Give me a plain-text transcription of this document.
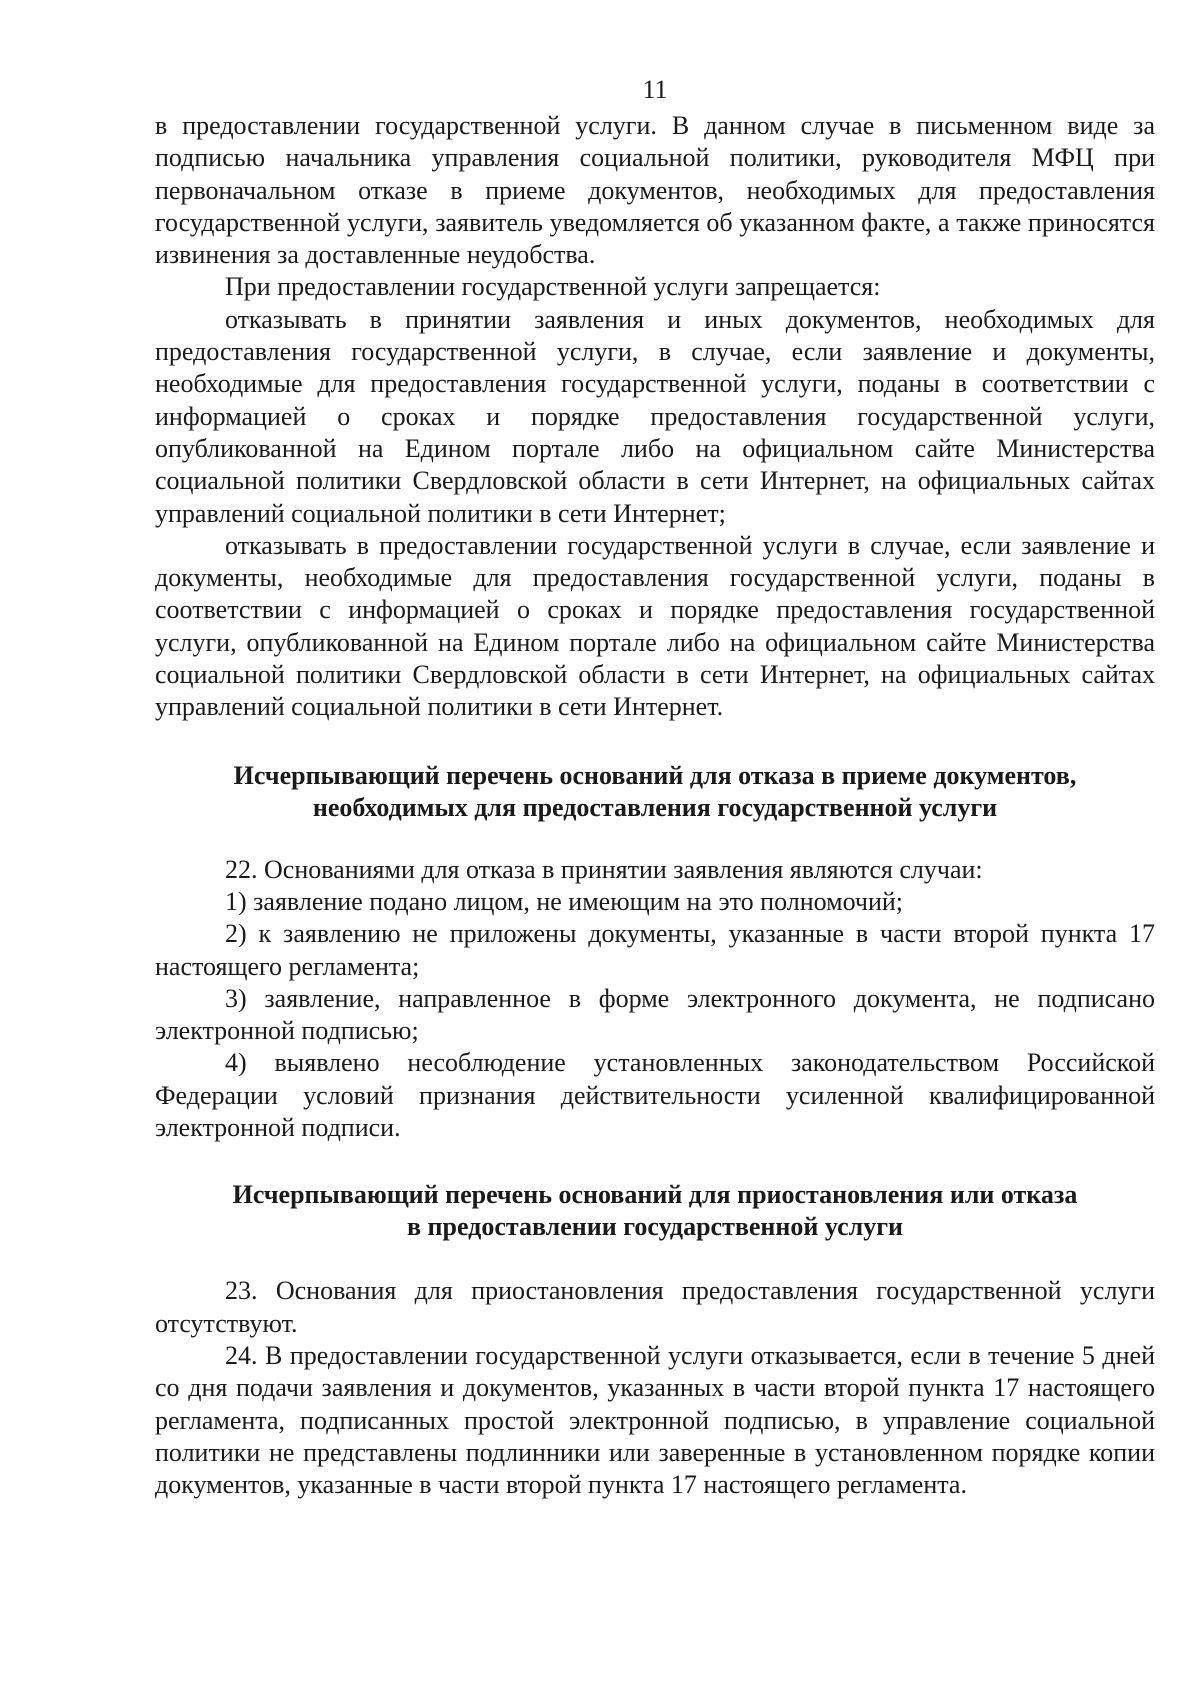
11

в предоставлении государственной услуги. В данном случае в письменном виде за подписью начальника управления социальной политики, руководителя МФЦ при первоначальном отказе в приеме документов, необходимых для предоставления государственной услуги, заявитель уведомляется об указанном факте, а также приносятся извинения за доставленные неудобства.

При предоставлении государственной услуги запрещается:

отказывать в принятии заявления и иных документов, необходимых для предоставления государственной услуги, в случае, если заявление и документы, необходимые для предоставления государственной услуги, поданы в соответствии с информацией о сроках и порядке предоставления государственной услуги, опубликованной на Едином портале либо на официальном сайте Министерства социальной политики Свердловской области в сети Интернет, на официальных сайтах управлений социальной политики в сети Интернет;

отказывать в предоставлении государственной услуги в случае, если заявление и документы, необходимые для предоставления государственной услуги, поданы в соответствии с информацией о сроках и порядке предоставления государственной услуги, опубликованной на Едином портале либо на официальном сайте Министерства социальной политики Свердловской области в сети Интернет, на официальных сайтах управлений социальной политики в сети Интернет.

Исчерпывающий перечень оснований для отказа в приеме документов,
необходимых для предоставления государственной услуги

22. Основаниями для отказа в принятии заявления являются случаи:

1) заявление подано лицом, не имеющим на это полномочий;

2) к заявлению не приложены документы, указанные в части второй пункта 17 настоящего регламента;

3) заявление, направленное в форме электронного документа, не подписано электронной подписью;

4) выявлено несоблюдение установленных законодательством Российской Федерации условий признания действительности усиленной квалифицированной электронной подписи.

Исчерпывающий перечень оснований для приостановления или отказа
в предоставлении государственной услуги

23. Основания для приостановления предоставления государственной услуги отсутствуют.

24. В предоставлении государственной услуги отказывается, если в течение 5 дней со дня подачи заявления и документов, указанных в части второй пункта 17 настоящего регламента, подписанных простой электронной подписью, в управление социальной политики не представлены подлинники или заверенные в установленном порядке копии документов, указанные в части второй пункта 17 настоящего регламента.
